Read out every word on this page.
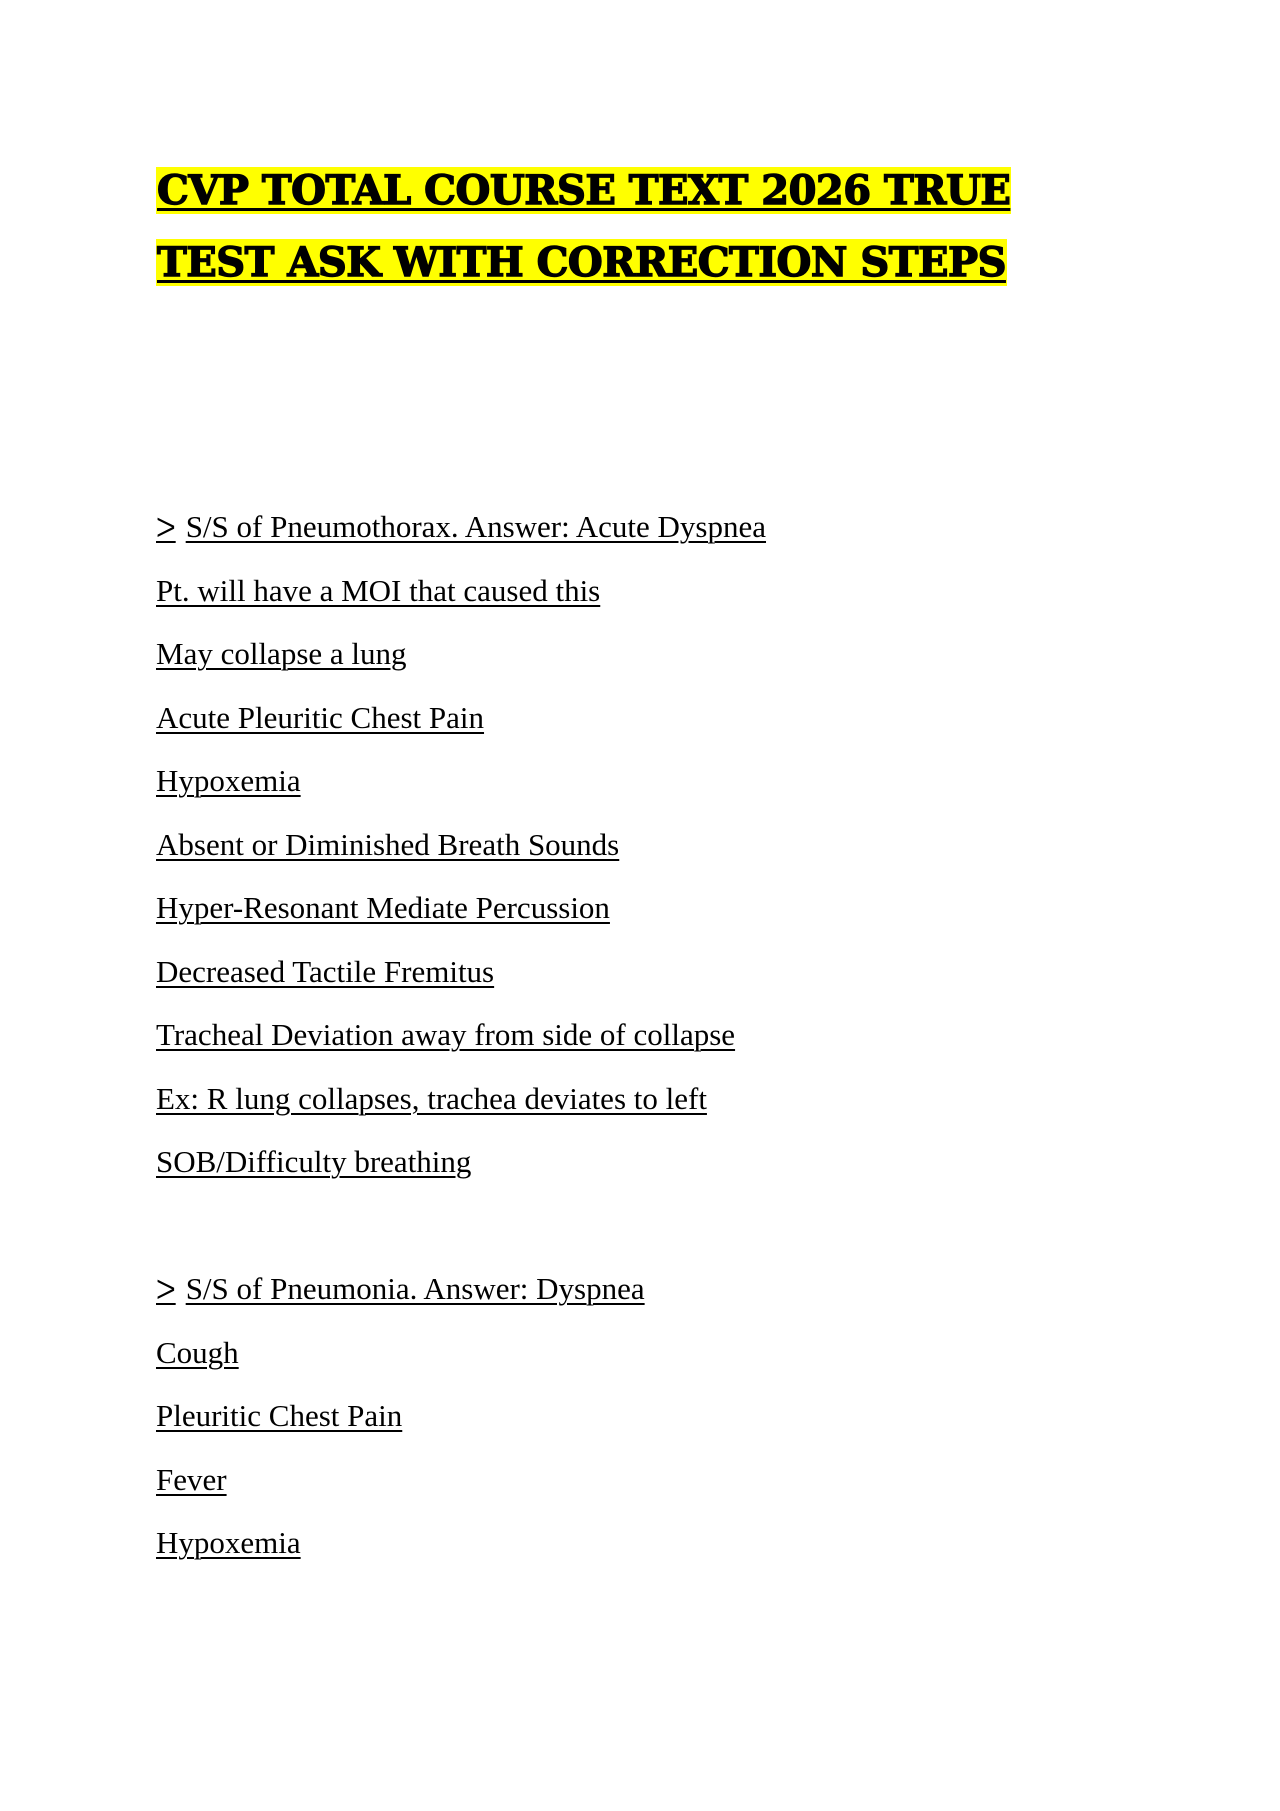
CVP TOTAL COURSE TEXT 2026 TRUE
TEST ASK WITH CORRECTION STEPS
ᐳ S/S of Pneumothorax. Answer: Acute Dyspnea
Pt. will have a MOI that caused this
May collapse a lung
Acute Pleuritic Chest Pain
Hypoxemia
Absent or Diminished Breath Sounds
Hyper-Resonant Mediate Percussion
Decreased Tactile Fremitus
Tracheal Deviation away from side of collapse
Ex: R lung collapses, trachea deviates to left
SOB/Difficulty breathing
ᐳ S/S of Pneumonia. Answer: Dyspnea
Cough
Pleuritic Chest Pain
Fever
Hypoxemia
